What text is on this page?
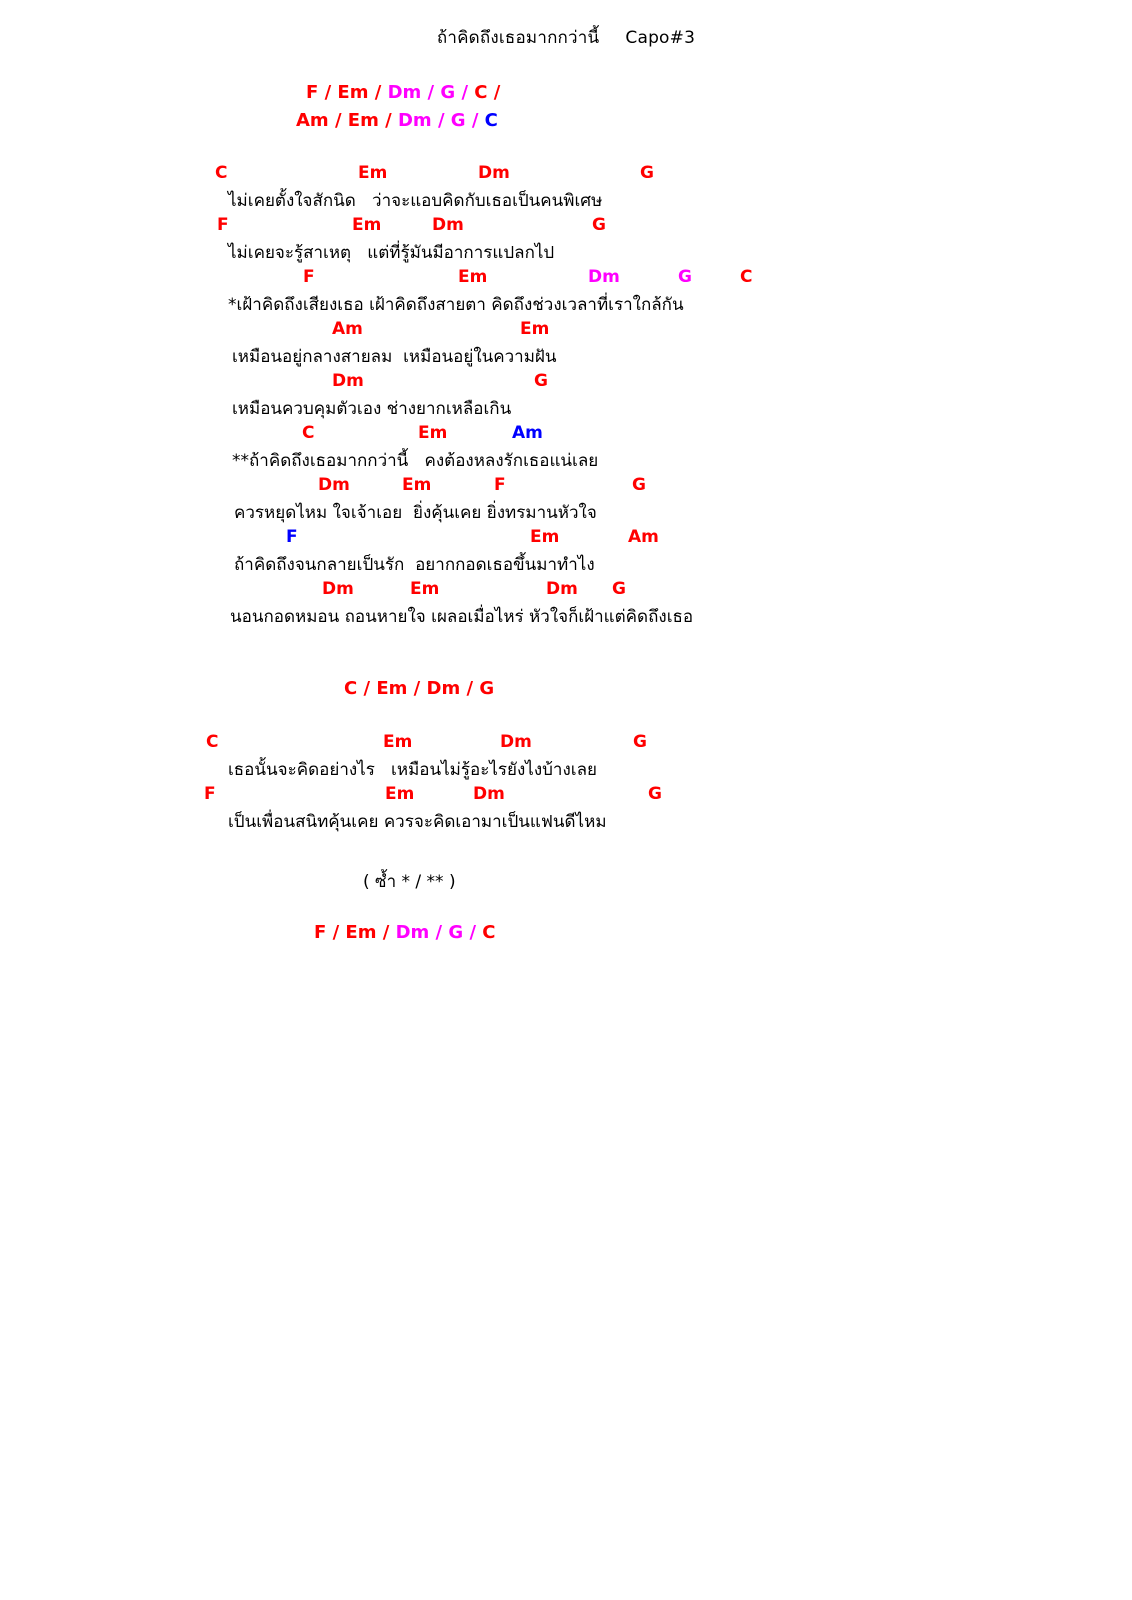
ถ้าคิดถึงเธอมากกว่านี้ Capo#3
F / Em / Dm / G / C /
Am / Em / Dm / G / C
C	Em	Dm	G
ไม่เคยตั้งใจสักนิด   ว่าจะแอบคิดกับเธอเป็นคนพิเศษ
F	Em	Dm	G
ไม่เคยจะรู้สาเหตุ   แต่ที่รู้มันมีอาการแปลกไป
F	Em	Dm	G	C
*เฝ้าคิดถึงเสียงเธอ เฝ้าคิดถึงสายตา คิดถึงช่วงเวลาที่เราใกล้กัน
Am	Em
เหมือนอยู่กลางสายลม  เหมือนอยู่ในความฝัน
Dm	G
เหมือนควบคุมตัวเอง ช่างยากเหลือเกิน
C	Em	Am
**ถ้าคิดถึงเธอมากกว่านี้   คงต้องหลงรักเธอแน่เลย
Dm	Em	F	G
ควรหยุดไหม ใจเจ้าเอย  ยิ่งคุ้นเคย ยิ่งทรมานหัวใจ
F	Em	Am
ถ้าคิดถึงจนกลายเป็นรัก  อยากกอดเธอขึ้นมาทำไง
Dm	Em	Dm G
นอนกอดหมอน ถอนหายใจ เผลอเมื่อไหร่ หัวใจก็เฝ้าแต่คิดถึงเธอ
C / Em / Dm / G
C	Em	Dm	G
เธอนั้นจะคิดอย่างไร   เหมือนไม่รู้อะไรยังไงบ้างเลย
F	Em	Dm	G
เป็นเพื่อนสนิทคุ้นเคย ควรจะคิดเอามาเป็นแฟนดีไหม
( ซ้ำ * / ** )
F / Em / Dm / G / C
